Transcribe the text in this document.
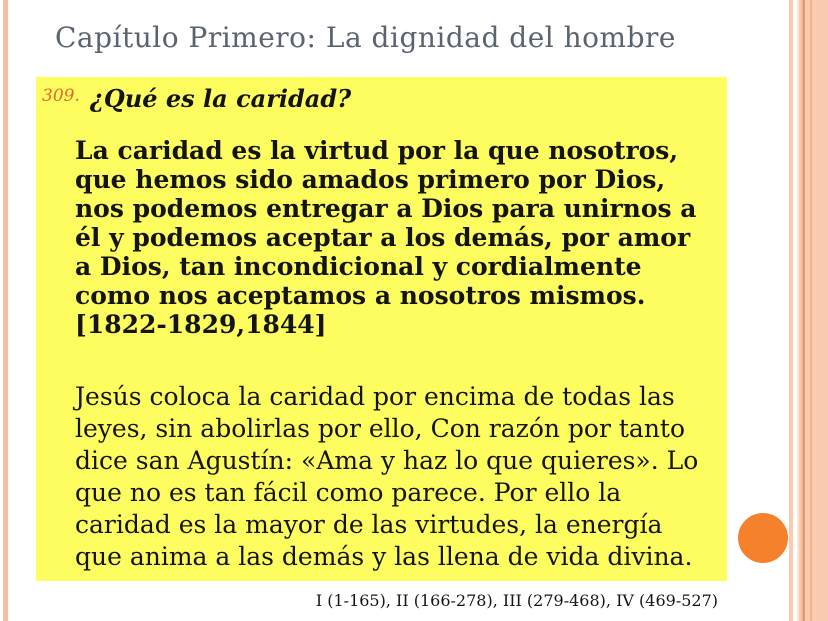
Capítulo Primero: La dignidad del hombre
309. ¿Qué es la caridad?
La caridad es la virtud por la que nosotros,
que hemos sido amados primero por Dios,
nos podemos entregar a Dios para unirnos a
él y podemos aceptar a los demás, por amor
a Dios, tan incondicional y cordialmente
como nos aceptamos a nosotros mismos.
[1822-1829,1844]
Jesús coloca la caridad por encima de todas las
leyes, sin abolirlas por ello, Con razón por tanto
dice san Agustín: «Ama y haz lo que quieres». Lo
que no es tan fácil como parece. Por ello la
caridad es la mayor de las virtudes, la energía
que anima a las demás y las llena de vida divina.
I (1-165), II (166-278), III (279-468), IV (469-527)
